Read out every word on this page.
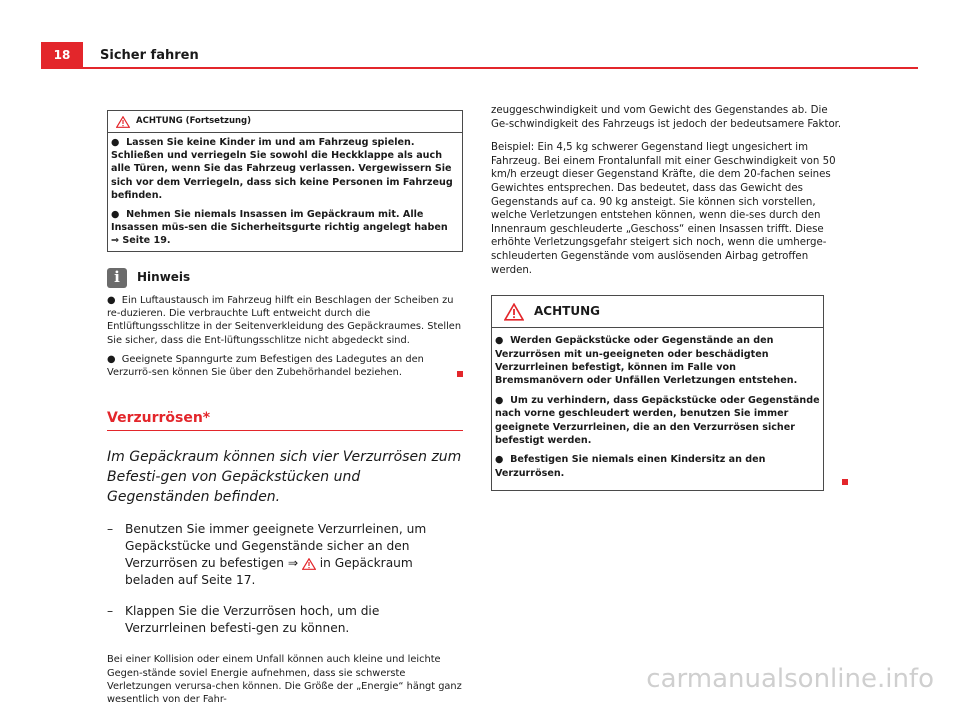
18	Sicher fahren
ACHTUNG (Fortsetzung)

● Lassen Sie keine Kinder im und am Fahrzeug spielen. Schließen und verriegeln Sie sowohl die Heckklappe als auch alle Türen, wenn Sie das Fahrzeug verlassen. Vergewissern Sie sich vor dem Verriegeln, dass sich keine Personen im Fahrzeug befinden.

● Nehmen Sie niemals Insassen im Gepäckraum mit. Alle Insassen müs-sen die Sicherheitsgurte richtig angelegt haben ⇒ Seite 19.

i	Hinweis

● Ein Luftaustausch im Fahrzeug hilft ein Beschlagen der Scheiben zu re-duzieren. Die verbrauchte Luft entweicht durch die Entlüftungsschlitze in der Seitenverkleidung des Gepäckraumes. Stellen Sie sicher, dass die Ent-lüftungsschlitze nicht abgedeckt sind.

● Geeignete Spanngurte zum Befestigen des Ladegutes an den Verzurrö-sen können Sie über den Zubehörhandel beziehen.

Verzurrösen*
Im Gepäckraum können sich vier Verzurrösen zum Befesti-gen von Gepäckstücken und Gegenständen befinden.
– Benutzen Sie immer geeignete Verzurrleinen, um Gepäckstücke und Gegenstände sicher an den Verzurrösen zu befestigen ⇒ in Gepäckraum beladen auf Seite 17.
– Klappen Sie die Verzurrösen hoch, um die Verzurrleinen befesti-gen zu können.
Bei einer Kollision oder einem Unfall können auch kleine und leichte Gegen-stände soviel Energie aufnehmen, dass sie schwerste Verletzungen verursa-chen können. Die Größe der „Energie“ hängt ganz wesentlich von der Fahr-

zeuggeschwindigkeit und vom Gewicht des Gegenstandes ab. Die Ge-schwindigkeit des Fahrzeugs ist jedoch der bedeutsamere Faktor.

Beispiel: Ein 4,5 kg schwerer Gegenstand liegt ungesichert im Fahrzeug. Bei einem Frontalunfall mit einer Geschwindigkeit von 50 km/h erzeugt dieser Gegenstand Kräfte, die dem 20-fachen seines Gewichtes entsprechen. Das bedeutet, dass das Gewicht des Gegenstands auf ca. 90 kg ansteigt. Sie können sich vorstellen, welche Verletzungen entstehen können, wenn die-ses durch den Innenraum geschleuderte „Geschoss“ einen Insassen trifft. Diese erhöhte Verletzungsgefahr steigert sich noch, wenn die umherge-schleuderten Gegenstände vom auslösenden Airbag getroffen werden.

ACHTUNG

● Werden Gepäckstücke oder Gegenstände an den Verzurrösen mit un-geeigneten oder beschädigten Verzurrleinen befestigt, können im Falle von Bremsmanövern oder Unfällen Verletzungen entstehen.

● Um zu verhindern, dass Gepäckstücke oder Gegenstände nach vorne geschleudert werden, benutzen Sie immer geeignete Verzurrleinen, die an den Verzurrösen sicher befestigt werden.

● Befestigen Sie niemals einen Kindersitz an den Verzurrösen.

carmanualsonline.info
